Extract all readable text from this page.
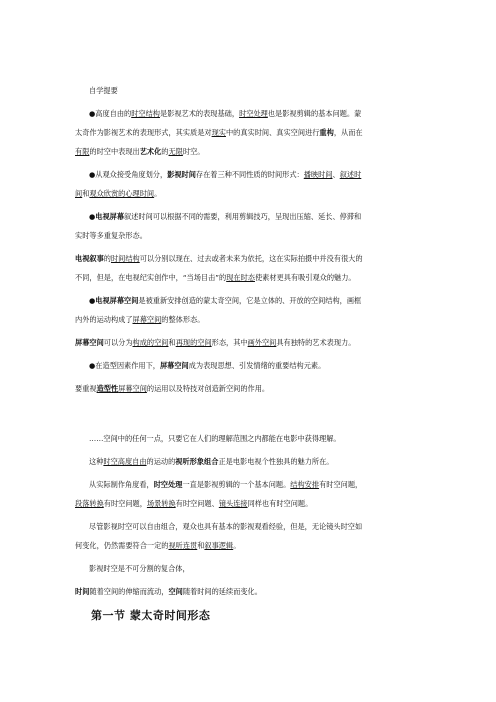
自学提要
●高度自由的时空结构是影视艺术的表现基础，时空处理也是影视剪辑的基本问题。蒙
太奇作为影视艺术的表现形式，其实质是对现实中的真实时间、真实空间进行重构，从而在
有限的时空中表现出艺术化的无限时空。
●从观众接受角度划分，影视时间存在着三种不同性质的时间形式：播映时间、叙述时
间和观众欣赏的心理时间。
●电视屏幕叙述时间可以根据不同的需要，利用剪辑技巧，呈现出压缩、延长、停滞和
实时等多重复杂形态。
电视叙事的时间结构可以分别以现在、过去或者未来为依托，这在实际拍摄中并没有很大的
不同，但是，在电视纪实创作中，“当场目击”的现在时态使素材更具有吸引观众的魅力。
●电视屏幕空间是被重新安排创造的蒙太奇空间，它是立体的、开放的空间结构，画框
内外的运动构成了屏幕空间的整体形态。
屏幕空间可以分为构成的空间和再现的空间形态，其中画外空间具有独特的艺术表现力。
●在造型因素作用下，屏幕空间成为表现思想、引发情绪的重要结构元素。
要重视造型性屏幕空间的运用以及特技对创造新空间的作用。
……空间中的任何一点，只要它在人们的理解范围之内都能在电影中获得理解。
这种时空高度自由的运动的视听形象组合正是电影电视个性独具的魅力所在。
从实际制作角度看，时空处理一直是影视剪辑的一个基本问题。结构安排有时空问题，
段落转换有时空问题，场景转换有时空问题、镜头连接同样也有时空问题。
尽管影视时空可以自由组合，观众也具有基本的影视观看经验，但是，无论镜头时空如
何变化，仍然需要符合一定的视听连贯和叙事逻辑。
影视时空是不可分割的复合体，
时间随着空间的伸缩而流动，空间随着时间的延续而变化。
第一节 蒙太奇时间形态
